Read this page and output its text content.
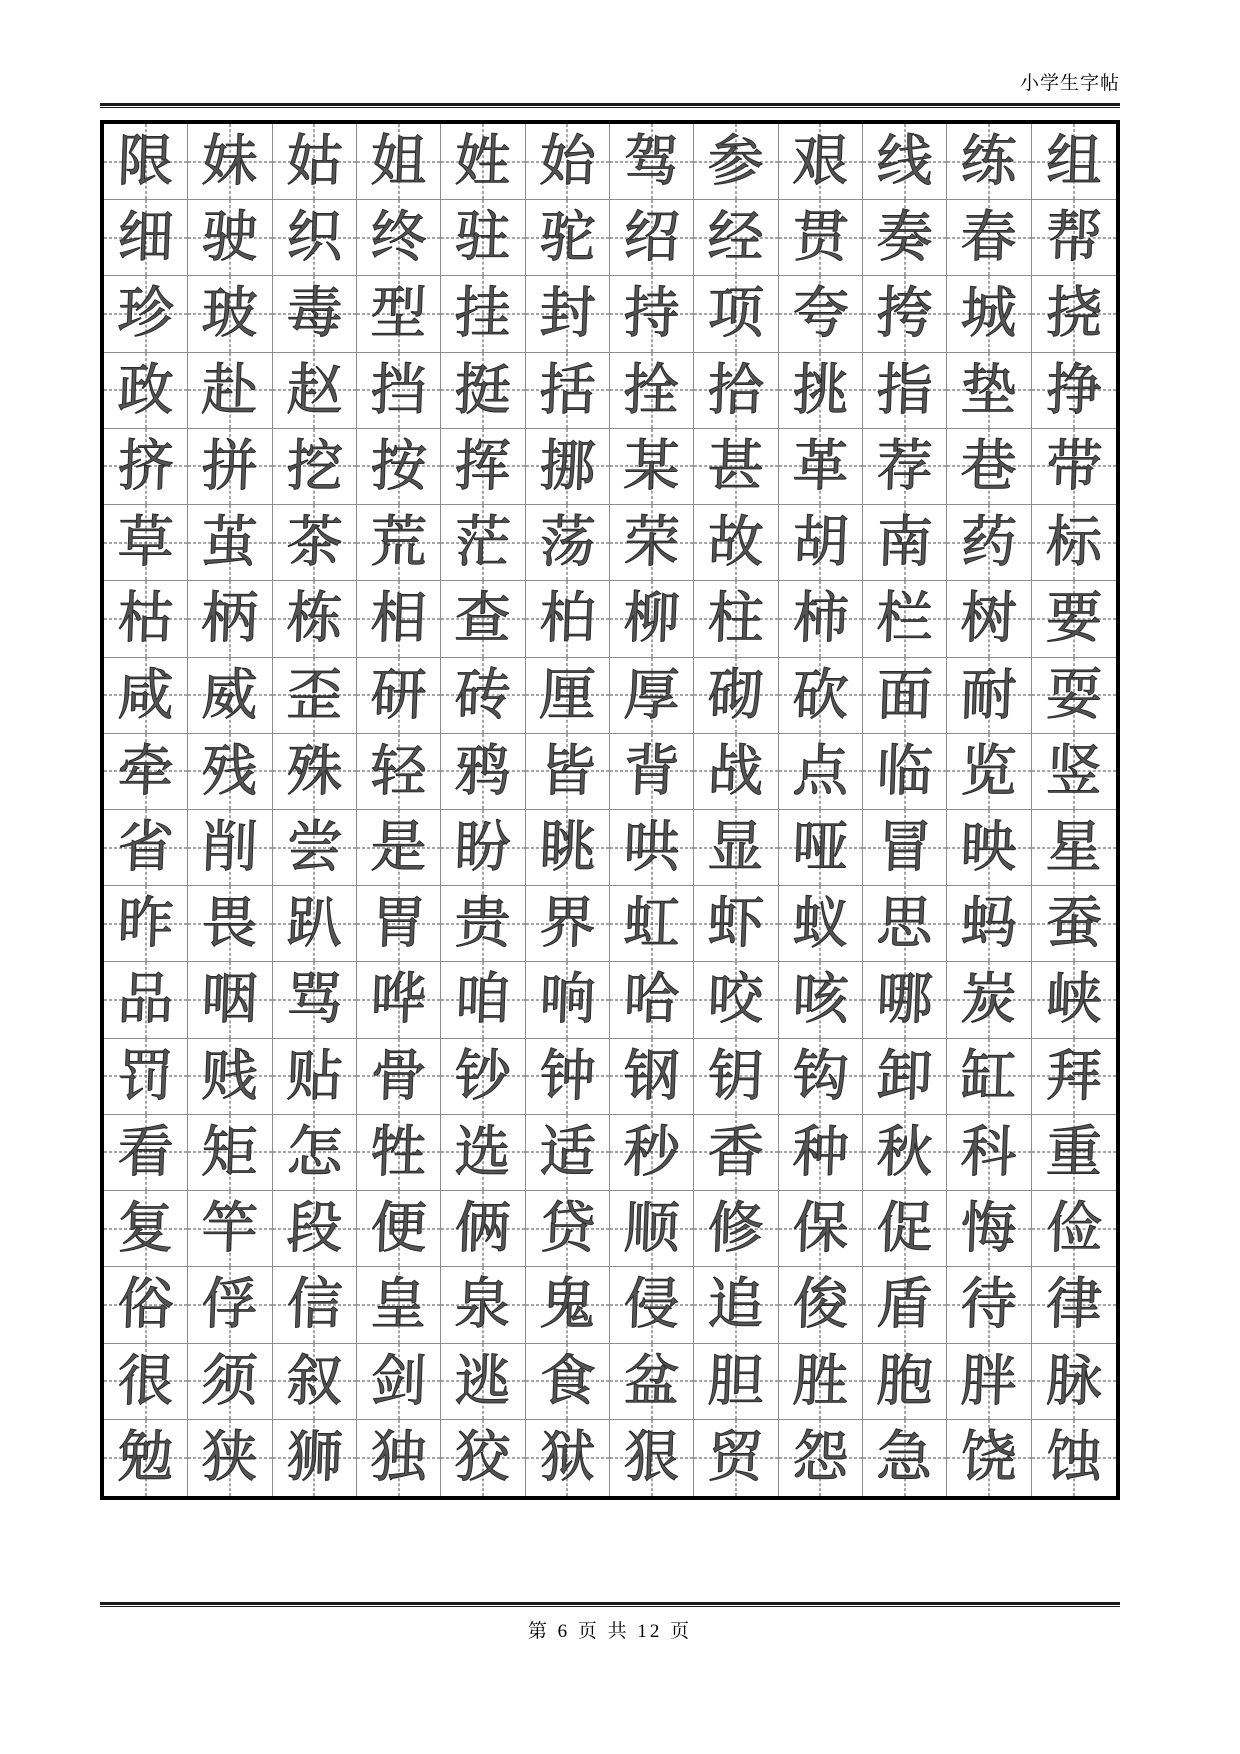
小学生字帖
限 妹 姑 姐 姓 始 驾 参 艰 线 练 组
细 驶 织 终 驻 驼 绍 经 贯 奏 春 帮
珍 玻 毒 型 挂 封 持 项 夸 挎 城 挠
政 赴 赵 挡 挺 括 拴 拾 挑 指 垫 挣
挤 拼 挖 按 挥 挪 某 甚 革 荐 巷 带
草 茧 茶 荒 茫 荡 荣 故 胡 南 药 标
枯 柄 栋 相 查 柏 柳 柱 柿 栏 树 要
咸 威 歪 研 砖 厘 厚 砌 砍 面 耐 耍
牵 残 殊 轻 鸦 皆 背 战 点 临 览 竖
省 削 尝 是 盼 眺 哄 显 哑 冒 映 星
昨 畏 趴 胃 贵 界 虹 虾 蚁 思 蚂 蚕
品 咽 骂 哗 咱 响 哈 咬 咳 哪 炭 峡
罚 贱 贴 骨 钞 钟 钢 钥 钩 卸 缸 拜
看 矩 怎 牲 选 适 秒 香 种 秋 科 重
复 竿 段 便 俩 贷 顺 修 保 促 悔 俭
俗 俘 信 皇 泉 鬼 侵 追 俊 盾 待 律
很 须 叙 剑 逃 食 盆 胆 胜 胞 胖 脉
勉 狭 狮 独 狡 狱 狠 贸 怨 急 饶 蚀
第 6 页 共 12 页
